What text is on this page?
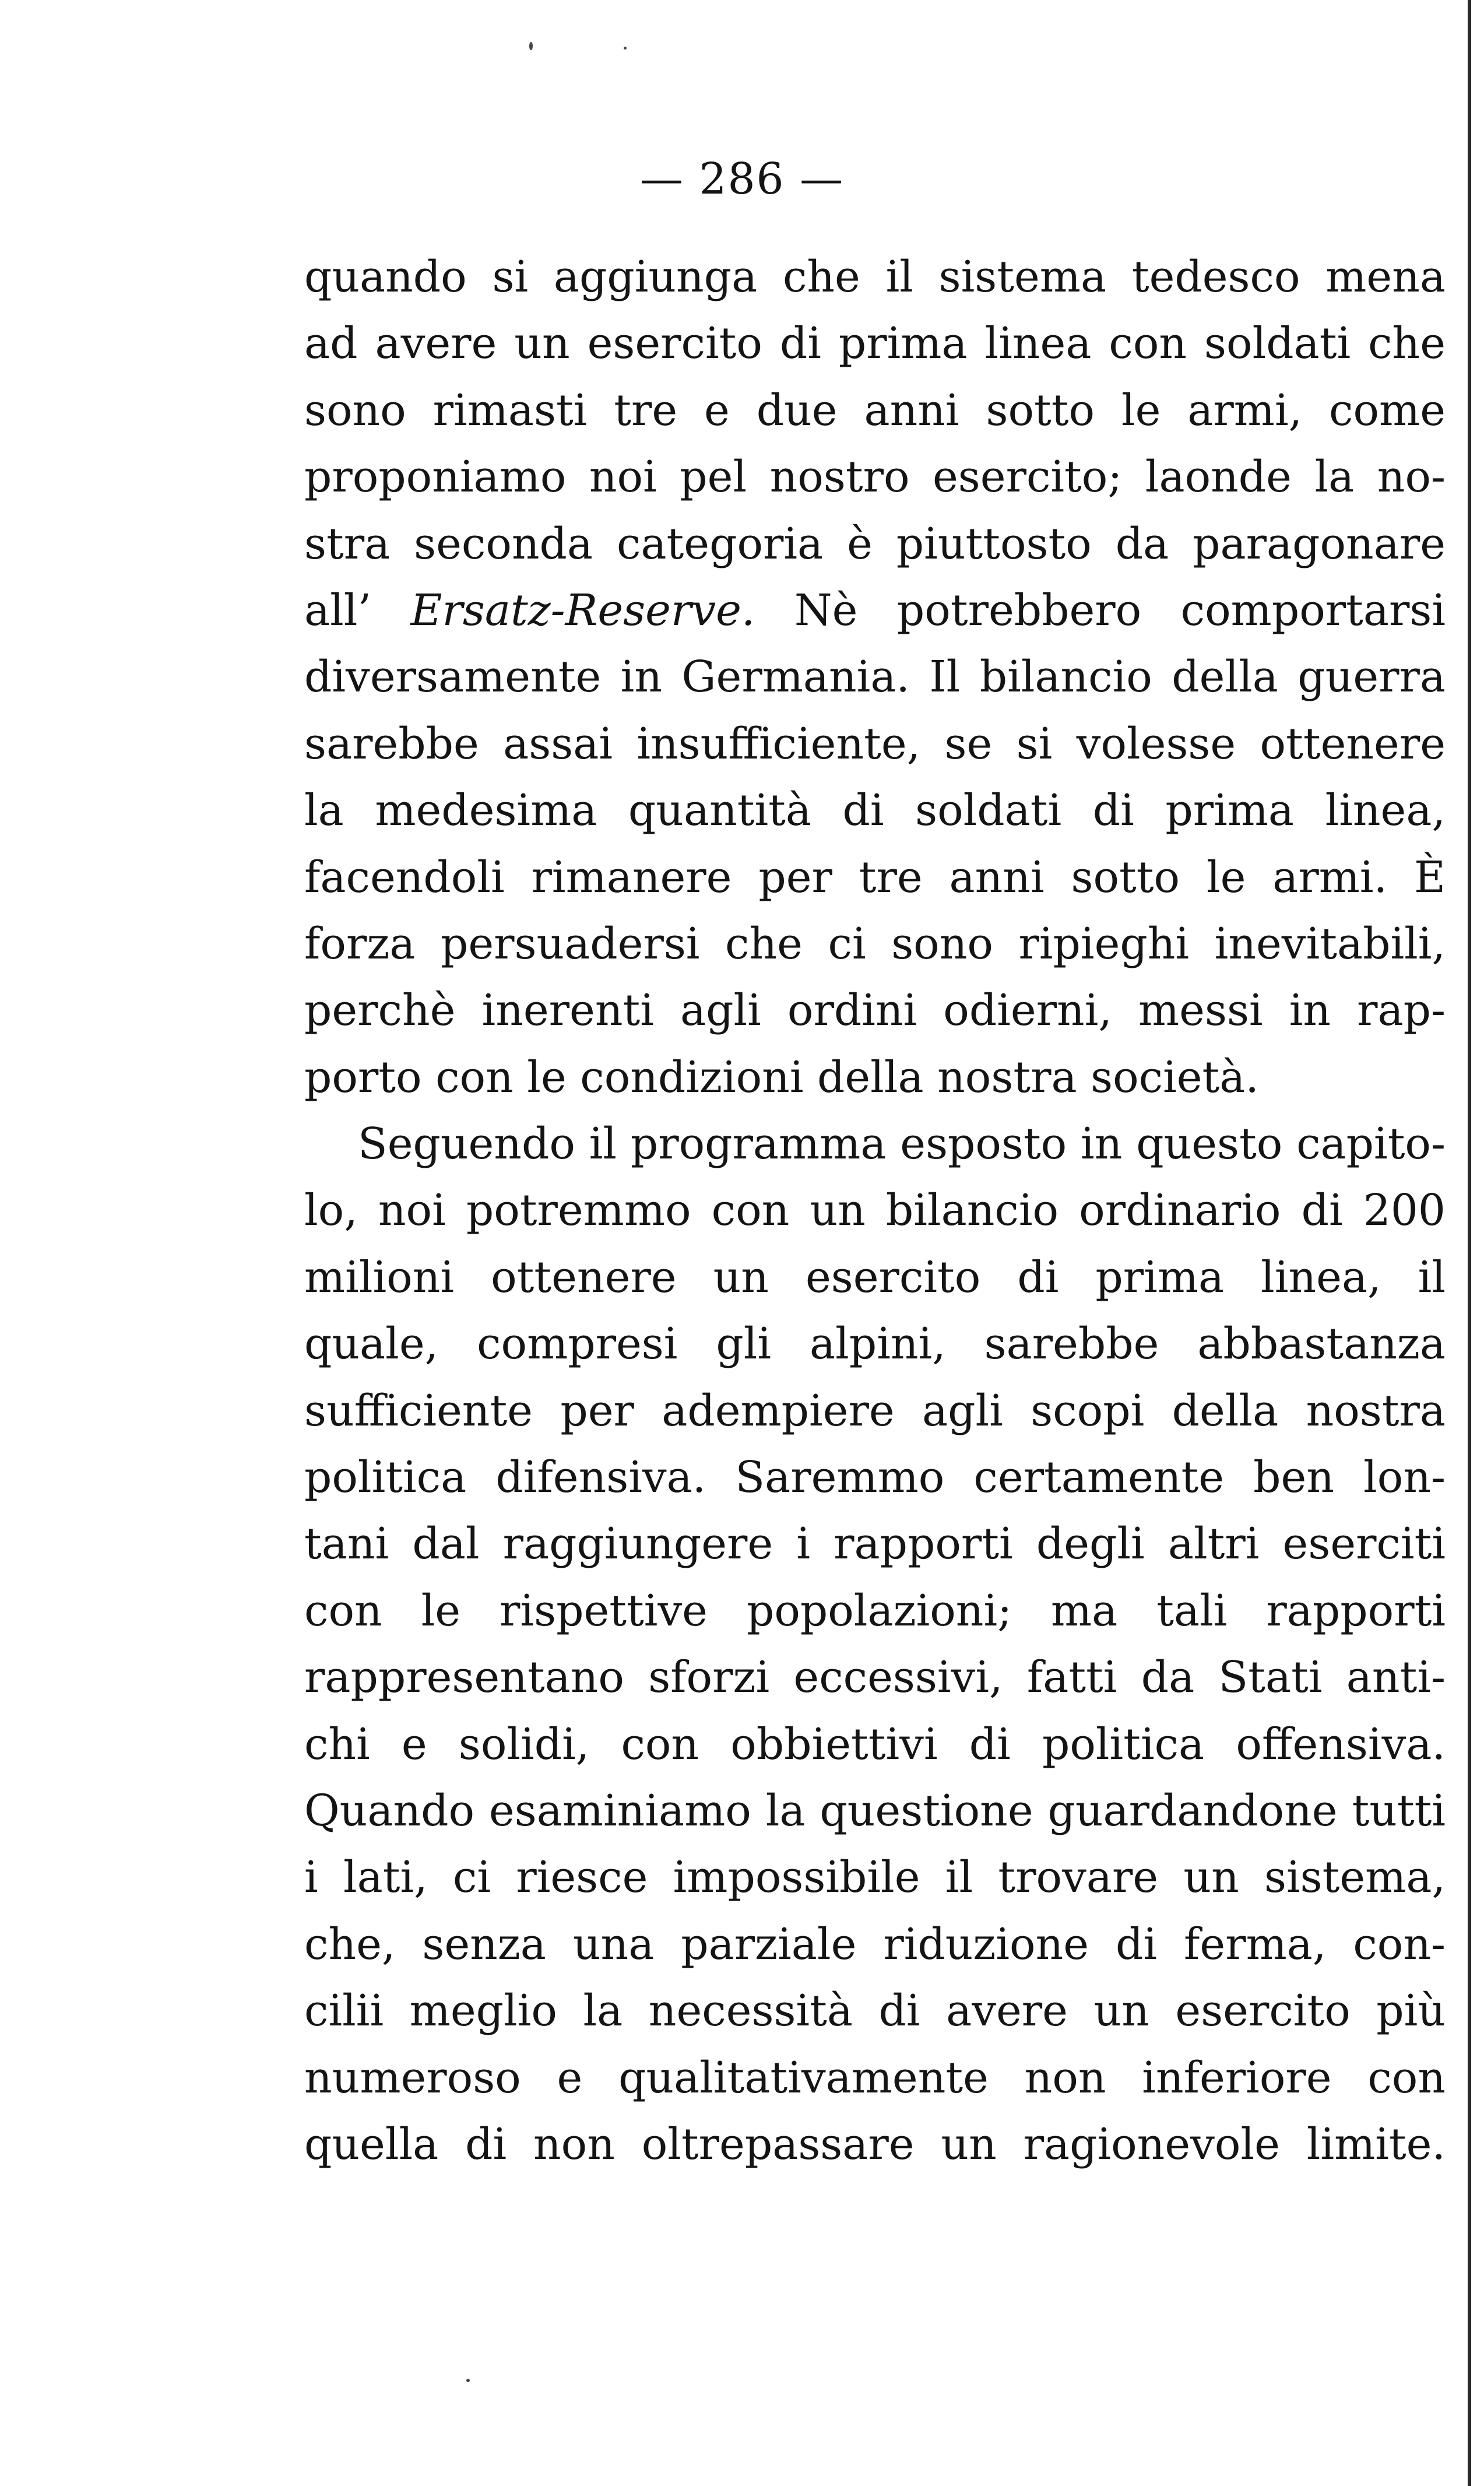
— 286 —
quando si aggiunga che il sistema tedesco mena
ad avere un esercito di prima linea con soldati che
sono rimasti tre e due anni sotto le armi, come
proponiamo noi pel nostro esercito; laonde la no-
stra seconda categoria è piuttosto da paragonare
all’ Ersatz-Reserve. Nè potrebbero comportarsi
diversamente in Germania. Il bilancio della guerra
sarebbe assai insufficiente, se si volesse ottenere
la medesima quantità di soldati di prima linea,
facendoli rimanere per tre anni sotto le armi. È
forza persuadersi che ci sono ripieghi inevitabili,
perchè inerenti agli ordini odierni, messi in rap-
porto con le condizioni della nostra società.
Seguendo il programma esposto in questo capito-
lo, noi potremmo con un bilancio ordinario di 200
milioni ottenere un esercito di prima linea, il
quale, compresi gli alpini, sarebbe abbastanza
sufficiente per adempiere agli scopi della nostra
politica difensiva. Saremmo certamente ben lon-
tani dal raggiungere i rapporti degli altri eserciti
con le rispettive popolazioni; ma tali rapporti
rappresentano sforzi eccessivi, fatti da Stati anti-
chi e solidi, con obbiettivi di politica offensiva.
Quando esaminiamo la questione guardandone tutti
i lati, ci riesce impossibile il trovare un sistema,
che, senza una parziale riduzione di ferma, con-
cilii meglio la necessità di avere un esercito più
numeroso e qualitativamente non inferiore con
quella di non oltrepassare un ragionevole limite.
